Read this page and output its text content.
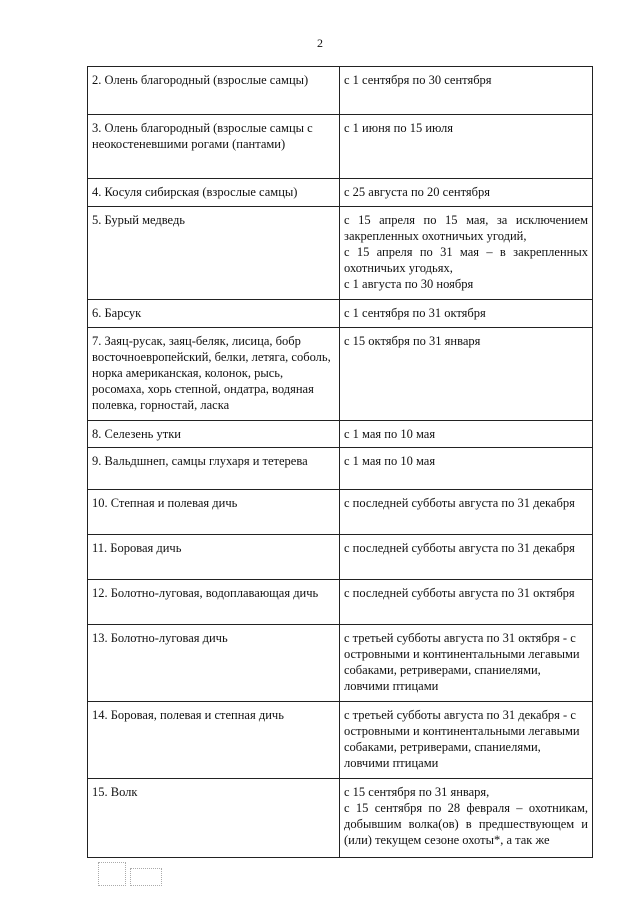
2
2. Олень благородный (взрослые самцы)	с 1 сентября по 30 сентября

3. Олень благородный (взрослые самцы с неокостеневшими рогами (пантами)	с 1 июня по 15 июля

4. Косуля сибирская (взрослые самцы)	с 25 августа по 20 сентября

5. Бурый медведь	с 15 апреля по 15 мая, за исключением закрепленных охотничьих угодий,
с 15 апреля по 31 мая – в закрепленных охотничьих угодьях,
с 1 августа по 30 ноября

6. Барсук	с 1 сентября по 31 октября

7. Заяц-русак, заяц-беляк, лисица, бобр восточноевропейский, белки, летяга, соболь, норка американская, колонок, рысь, росомаха, хорь степной, ондатра, водяная полевка, горностай, ласка	с 15 октября по 31 января

8. Селезень утки	с 1 мая по 10 мая

9. Вальдшнеп, самцы глухаря и тетерева	с 1 мая по 10 мая

10. Степная и полевая дичь	с последней субботы августа по 31 декабря

11. Боровая дичь	с последней субботы августа по 31 декабря

12. Болотно-луговая, водоплавающая дичь	с последней субботы августа по 31 октября

13. Болотно-луговая дичь	с третьей субботы августа по 31 октября - с островными и континентальными легавыми собаками, ретриверами, спаниелями, ловчими птицами

14. Боровая, полевая и степная дичь	с третьей субботы августа по 31 декабря - с островными и континентальными легавыми собаками, ретриверами, спаниелями, ловчими птицами

15. Волк	с 15 сентября по 31 января,
с 15 сентября по 28 февраля – охотникам, добывшим волка(ов) в предшествующем и (или) текущем сезоне охоты*, а так же
